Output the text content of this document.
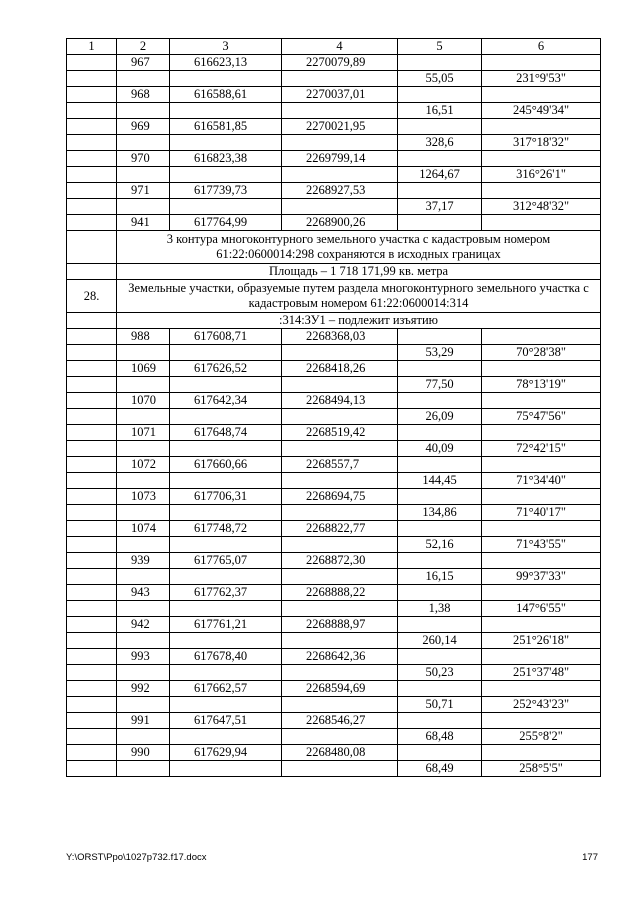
1	2	3	4	5	6
	967	616623,13	2270079,89		
				55,05	231°9'53"
	968	616588,61	2270037,01		
				16,51	245°49'34"
	969	616581,85	2270021,95		
				328,6	317°18'32"
	970	616823,38	2269799,14		
				1264,67	316°26'1"
	971	617739,73	2268927,53		
				37,17	312°48'32"
	941	617764,99	2268900,26		
	3 контура многоконтурного земельного участка с кадастровым номером 61:22:0600014:298 сохраняются в исходных границах				
	Площадь – 1 718 171,99 кв. метра				
28.	Земельные участки, образуемые путем раздела многоконтурного земельного участка с кадастровым номером 61:22:0600014:314				
	:314:ЗУ1 – подлежит изъятию				
	988	617608,71	2268368,03		
				53,29	70°28'38"
	1069	617626,52	2268418,26		
				77,50	78°13'19"
	1070	617642,34	2268494,13		
				26,09	75°47'56"
	1071	617648,74	2268519,42		
				40,09	72°42'15"
	1072	617660,66	2268557,7		
				144,45	71°34'40"
	1073	617706,31	2268694,75		
				134,86	71°40'17"
	1074	617748,72	2268822,77		
				52,16	71°43'55"
	939	617765,07	2268872,30		
				16,15	99°37'33"
	943	617762,37	2268888,22		
				1,38	147°6'55"
	942	617761,21	2268888,97		
				260,14	251°26'18"
	993	617678,40	2268642,36		
				50,23	251°37'48"
	992	617662,57	2268594,69		
				50,71	252°43'23"
	991	617647,51	2268546,27		
				68,48	255°8'2"
	990	617629,94	2268480,08		
				68,49	258°5'5"
Y:\ORST\Ppo\1027p732.f17.docx	177
